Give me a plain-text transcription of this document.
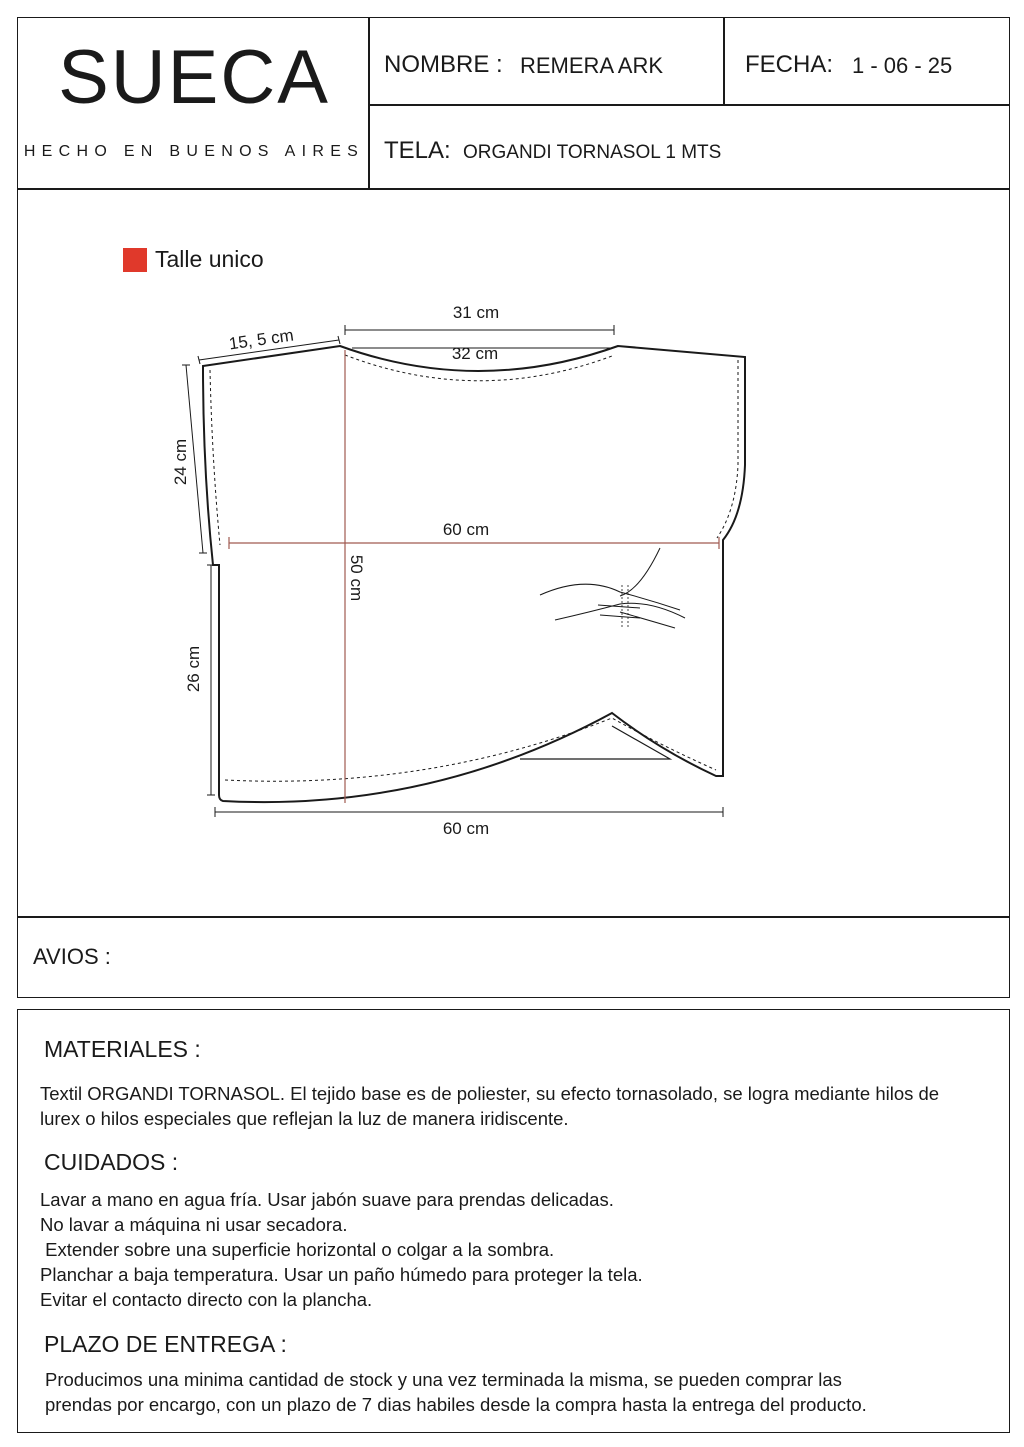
SUECA
HECHO EN BUENOS AIRES
NOMBRE : REMERA ARK	FECHA: 1 - 06 - 25
TELA: ORGANDI TORNASOL 1 MTS
Talle unico
31 cm
32 cm
15, 5 cm
24 cm
60 cm
50 cm
26 cm
60 cm
AVIOS :
MATERIALES :

Textil ORGANDI TORNASOL. El tejido base es de poliester, su efecto tornasolado, se logra mediante hilos de

lurex o hilos especiales que reflejan la luz de manera iridiscente.

CUIDADOS :

Lavar a mano en agua fría. Usar jabón suave para prendas delicadas.

No lavar a máquina ni usar secadora.

Extender sobre una superficie horizontal o colgar a la sombra.

Planchar a baja temperatura. Usar un paño húmedo para proteger la tela.

Evitar el contacto directo con la plancha.

PLAZO DE ENTREGA :

Producimos una minima cantidad de stock y una vez terminada la misma, se pueden comprar las

prendas por encargo, con un plazo de 7 dias habiles desde la compra hasta la entrega del producto.
